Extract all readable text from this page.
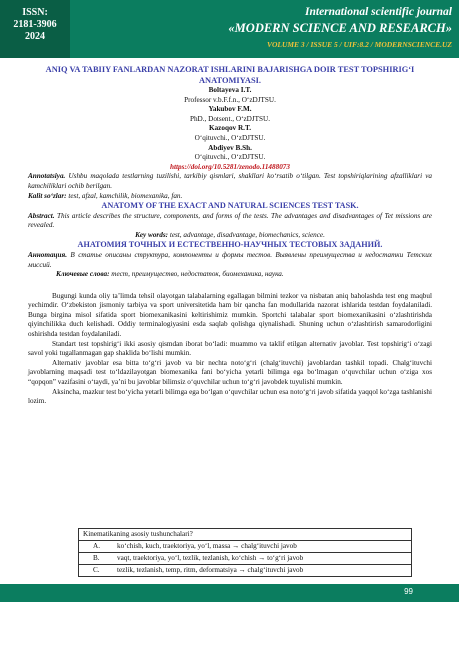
ISSN:
2181-3906
2024
International scientific journal
«MODERN SCIENCE AND RESEARCH»
VOLUME 3 / ISSUE 5 / UIF:8.2 / MODERNSCIENCE.UZ
ANIQ VA TABIIY FANLARDAN NAZORAT ISHLARINI BAJARISHGA DOIR TEST TOPSHIRIG‘I ANATOMIYASI.
Boltayeva I.T.
Professor v.b.F.f.n., O‘zDJTSU.
Yakubov F.M.
PhD., Dotsent., O‘zDJTSU.
Kazoqov R.T.
O‘qituvchi., O‘zDJTSU.
Abdiyev B.Sh.
O‘qituvchi., O‘zDJTSU.
https://doi.org/10.5281/zenodo.11488073
Annotatsiya. Ushbu maqolada testlarning tuzilishi, tarkibiy qismlari, shakllari ko‘rsatib o‘tilgan. Test topshiriqlarining afzalliklari va kamchiliklari ochib berilgan.
Kalit so‘zlar: test, afzal, kamchilik, biomexanika, fan.
ANATOMY OF THE EXACT AND NATURAL SCIENCES TEST TASK.
Abstract. This article describes the structure, components, and forms of the tests. The advantages and disadvantages of Tet missions are revealed.
Key words: test, advantage, disadvantage, biomechanics, science.
АНАТОМИЯ ТОЧНЫХ И ЕСТЕСТВЕННО-НАУЧНЫХ ТЕСТОВЫХ ЗАДАНИЙ.
Аннотация. В статье описаны структура, компоненты и формы тестов. Выявлены преимущества и недостатки Тетских миссий.
Ключевые слова: тест, преимущество, недостаток, биомеханика, наука.
Bugungi kunda oliy ta’limda tehsil olayotgan talabalarning egallagan bilmini tezkor va nisbatan aniq baholashda test eng maqbul yechimdir. O‘zbekiston jismoniy tarbiya va sport universitetida ham bir qancha fan modullarida nazorat ishlarida testdan foydalaniladi. Bunga birgina misol sifatida sport biomexanikasini keltirishimiz mumkin. Sportchi talabalar sport biomexanikasini o‘zlashtirishda qiyinchilikka duch kelishadi. Oddiy terminalogiyasini esda saqlab qolishga qiynalishadi. Shuning uchun o‘zlashtirish samarodorligini oshirishda testdan foydalaniladi.
Standart test topshirig‘i ikki asosiy qismdan iborat bo‘ladi: muammo va taklif etilgan alternativ javoblar. Test topshirig‘i o‘zagi savol yoki tugallanmagan gap shaklida bo‘lishi mumkin.
Alternativ javoblar esa bitta to‘g‘ri javob va bir nechta noto‘g‘ri (chalg‘ituvchi) javoblardan tashkil topadi. Chalg‘ituvchi javoblarning maqsadi test to‘ldazilayotgan biomexanika fani bo‘yicha yetarli bilimga ega bo‘lmagan o‘quvchilar uchun o‘ziga xos “qopqon” vazifasini o‘taydi, ya’ni bu javoblar bilimsiz o‘quvchilar uchun to‘g‘ri javobdek tuyulishi mumkin.
Aksincha, mazkur test bo‘yicha yetarli bilimga ega bo‘lgan o‘quvchilar uchun esa noto‘g‘ri javob sifatida yaqqol ko‘zga tashlanishi lozim.
Kinematikaning asosiy tushunchalari?
A.	ko‘chish, kuch, traektoriya, yo‘l, massa → chalg‘ituvchi javob
B.	vaqt, traektoriya, yo‘l, tezlik, tezlanish, ko‘chish → to‘g‘ri javob
C.	tezlik, tezlanish, temp, ritm, deformatsiya → chalg‘ituvchi javob
99
